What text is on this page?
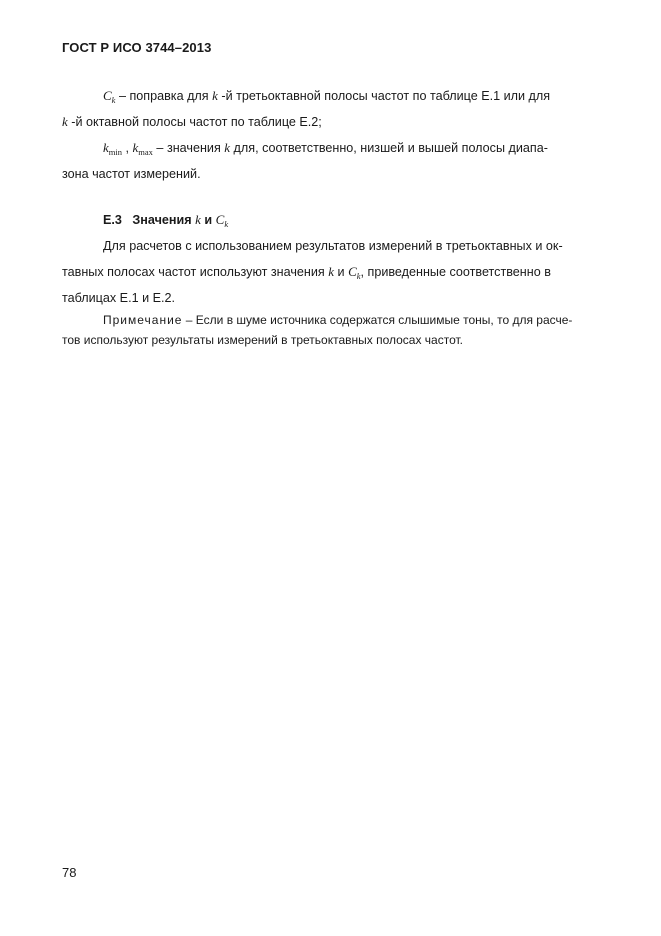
ГОСТ Р ИСО 3744–2013
$C_k$ – поправка для k -й третьоктавной полосы частот по таблице Е.1 или для
k -й октавной полосы частот по таблице Е.2;
$k_{min}$ , $k_{max}$ – значения k для, соответственно, низшей и вышей полосы диапа-
зона частот измерений.
Е.3 Значения k и $C_k$
Для расчетов с использованием результатов измерений в третьоктавных и ок-
тавных полосах частот используют значения k и $C_k$, приведенные соответственно в
таблицах Е.1 и Е.2.
Примечание – Если в шуме источника содержатся слышимые тоны, то для расче-
тов используют результаты измерений в третьоктавных полосах частот.
78
